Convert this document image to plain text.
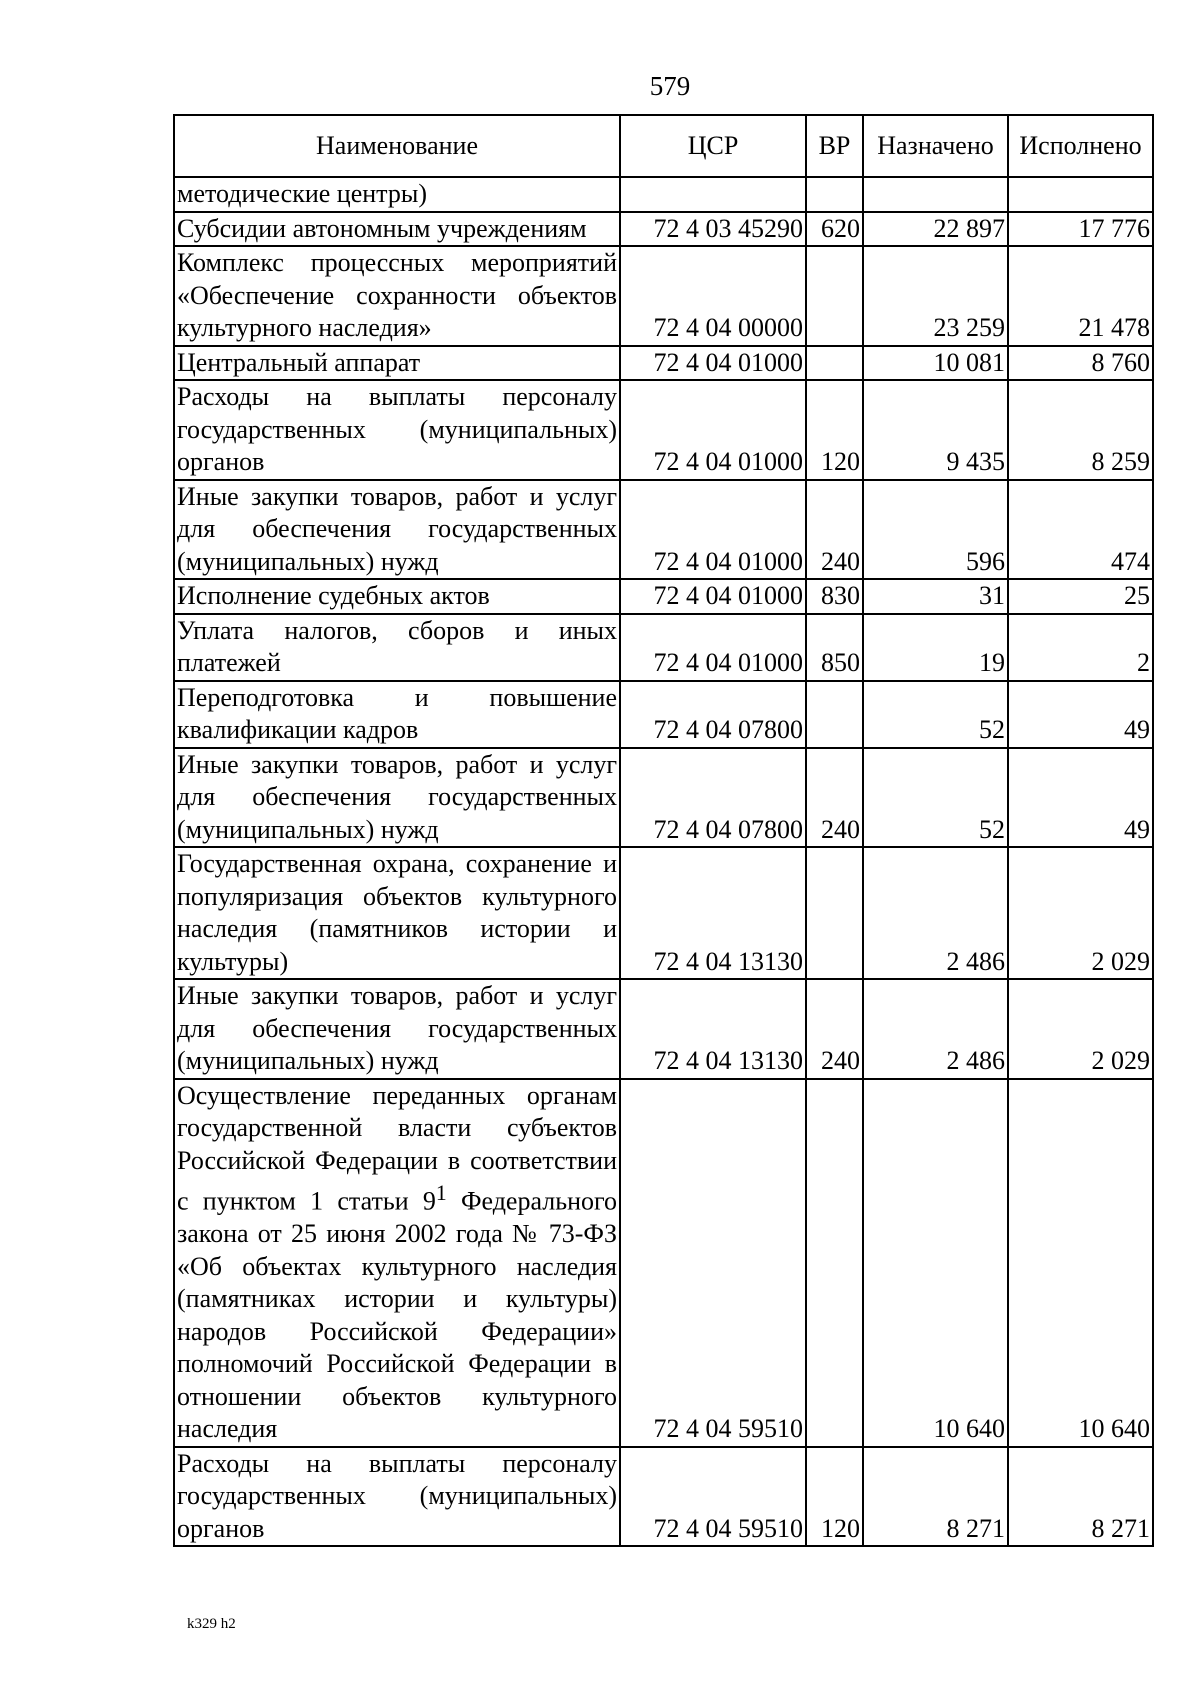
579
Наименование	ЦСР	ВР	Назначено	Исполнено
методические центры)				
Субсидии автономным учреждениям	72 4 03 45290	620	22 897	17 776
Комплекс процессных мероприятий «Обеспечение сохранности объектов культурного наследия»	72 4 04 00000		23 259	21 478
Центральный аппарат	72 4 04 01000		10 081	8 760
Расходы на выплаты персоналу государственных (муниципальных) органов	72 4 04 01000	120	9 435	8 259
Иные закупки товаров, работ и услуг для обеспечения государственных (муниципальных) нужд	72 4 04 01000	240	596	474
Исполнение судебных актов	72 4 04 01000	830	31	25
Уплата налогов, сборов и иных платежей	72 4 04 01000	850	19	2
Переподготовка и повышение квалификации кадров	72 4 04 07800		52	49
Иные закупки товаров, работ и услуг для обеспечения государственных (муниципальных) нужд	72 4 04 07800	240	52	49
Государственная охрана, сохранение и популяризация объектов культурного наследия (памятников истории и культуры)	72 4 04 13130		2 486	2 029
Иные закупки товаров, работ и услуг для обеспечения государственных (муниципальных) нужд	72 4 04 13130	240	2 486	2 029
Осуществление переданных органам государственной власти субъектов Российской Федерации в соответствии с пунктом 1 статьи $9^1$ Федерального закона от 25 июня 2002 года № 73-ФЗ «Об объектах культурного наследия (памятниках истории и культуры) народов Российской Федерации» полномочий Российской Федерации в отношении объектов культурного наследия	72 4 04 59510		10 640	10 640
Расходы на выплаты персоналу государственных (муниципальных) органов	72 4 04 59510	120	8 271	8 271
k329 h2
